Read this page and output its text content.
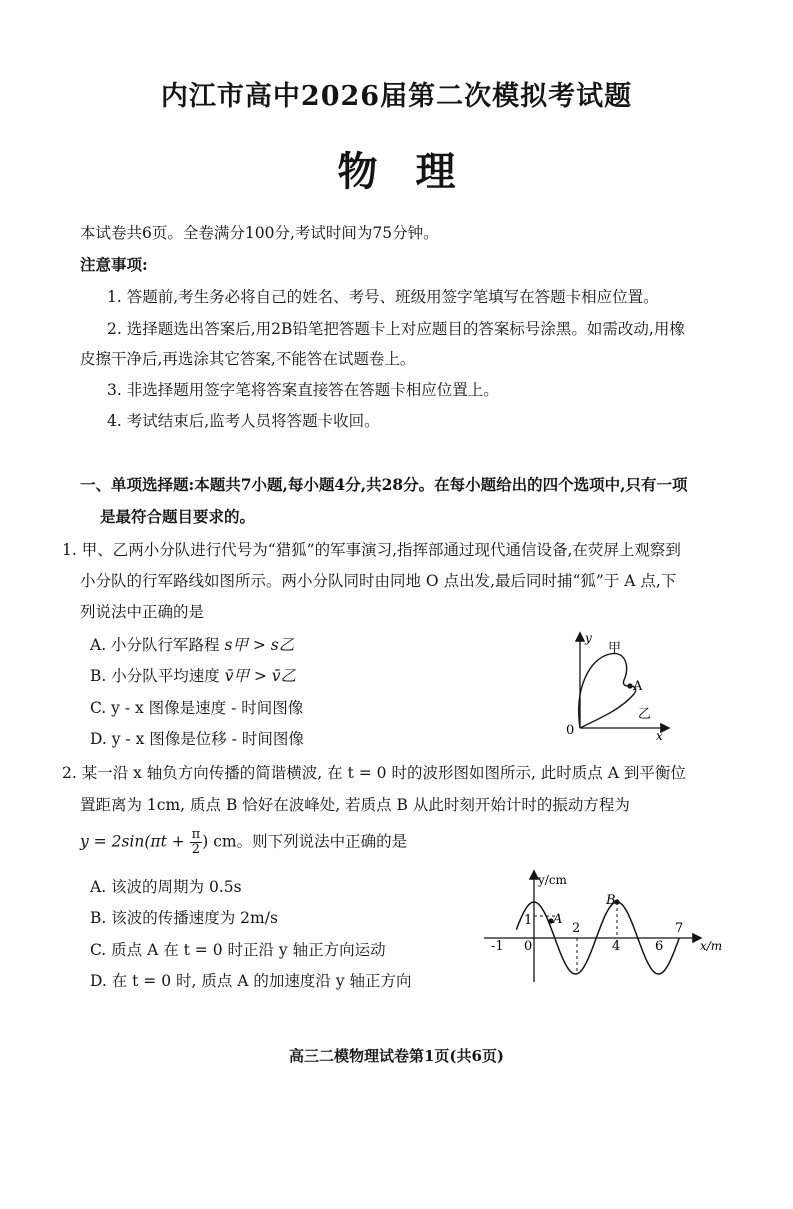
内江市高中2026届第二次模拟考试题
物理
本试卷共6页。全卷满分100分,考试时间为75分钟。
注意事项:
1. 答题前,考生务必将自己的姓名、考号、班级用签字笔填写在答题卡相应位置。
2. 选择题选出答案后,用2B铅笔把答题卡上对应题目的答案标号涂黑。如需改动,用橡
皮擦干净后,再选涂其它答案,不能答在试题卷上。
3. 非选择题用签字笔将答案直接答在答题卡相应位置上。
4. 考试结束后,监考人员将答题卡收回。
一、单项选择题:本题共7小题,每小题4分,共28分。在每小题给出的四个选项中,只有一项
是最符合题目要求的。
1. 甲、乙两小分队进行代号为“猎狐”的军事演习,指挥部通过现代通信设备,在荧屏上观察到
小分队的行军路线如图所示。两小分队同时由同地 O 点出发,最后同时捕“狐”于 A 点,下
列说法中正确的是
A. 小分队行军路程 s甲 > s乙
B. 小分队平均速度 v̄甲 > v̄乙
C. y - x 图像是速度 - 时间图像
D. y - x 图像是位移 - 时间图像
y
x
0
甲
乙
A
2. 某一沿 x 轴负方向传播的简谐横波, 在 t = 0 时的波形图如图所示, 此时质点 A 到平衡位
置距离为 1cm, 质点 B 恰好在波峰处, 若质点 B 从此时刻开始计时的振动方程为
$y = 2\sin(\pi t + \frac{\pi}{2}$ ) cm。则下列说法中正确的是
A. 该波的周期为 0.5s
B. 该波的传播速度为 2m/s
C. 质点 A 在 t = 0 时正沿 y 轴正方向运动
D. 在 t = 0 时, 质点 A 的加速度沿 y 轴正方向
y/cm
x/m
1
-1 0
2
4	6
7
A
B
高三二模物理试卷第1页(共6页)
